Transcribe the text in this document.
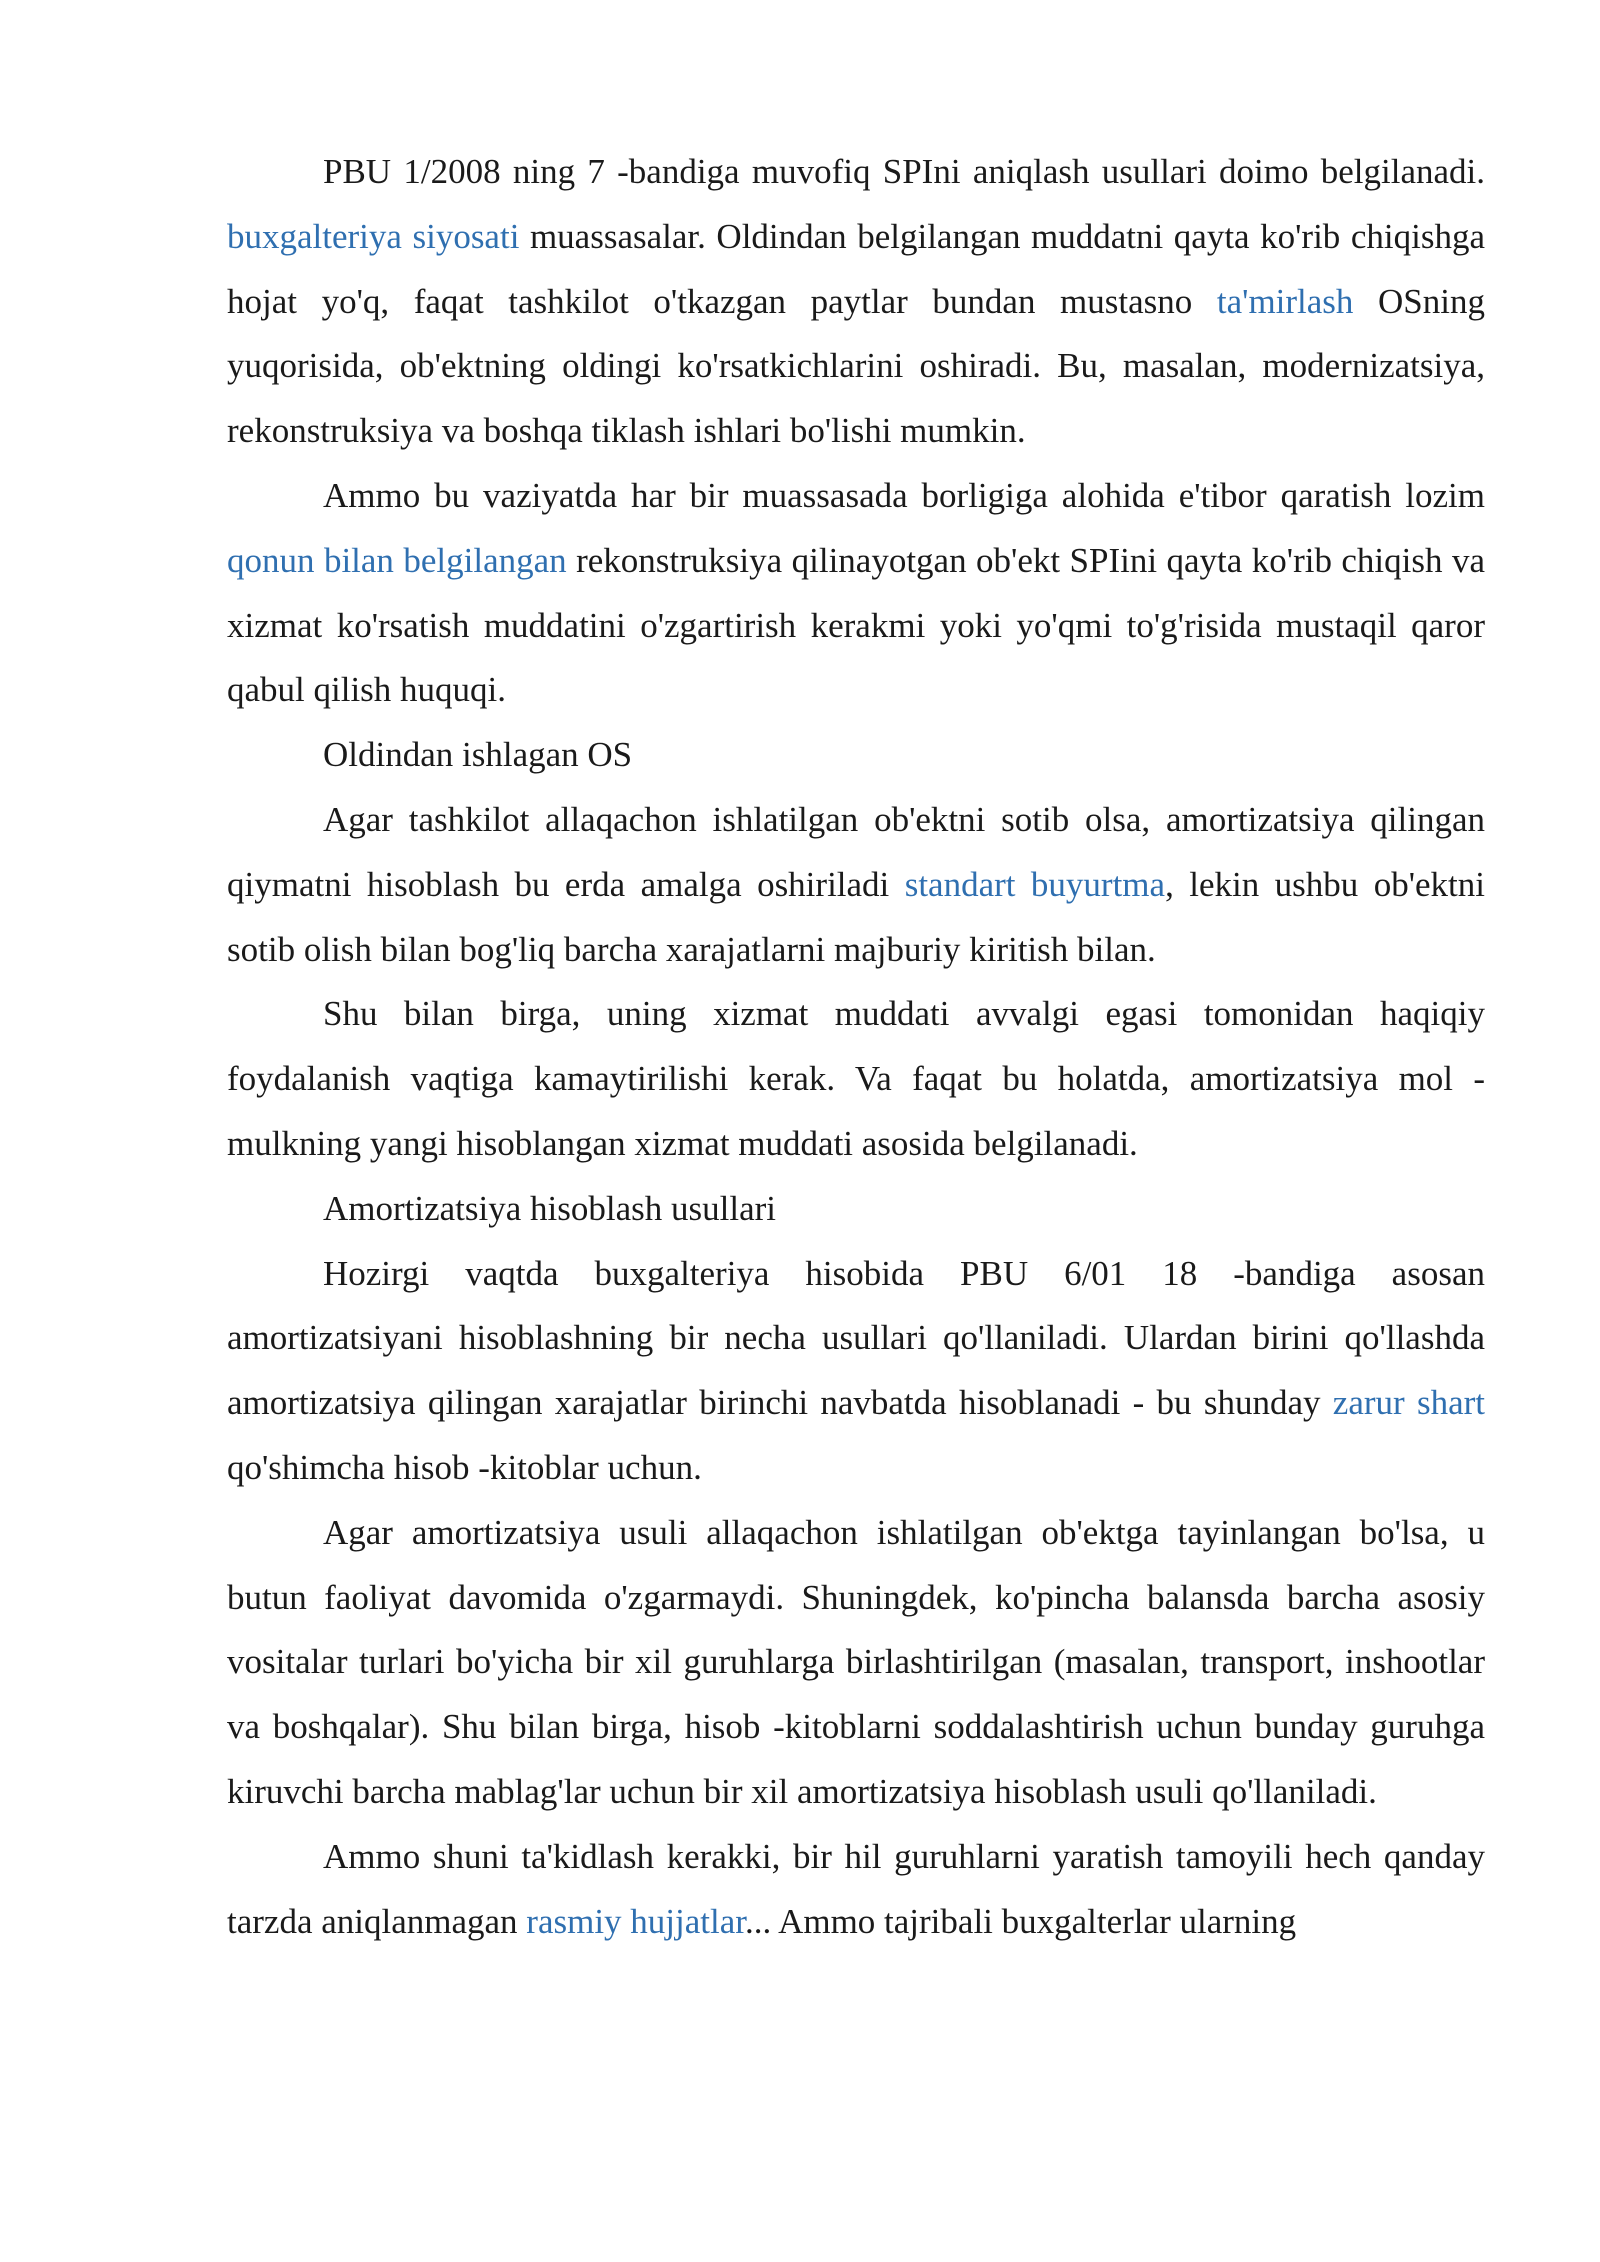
PBU 1/2008 ning 7 -bandiga muvofiq SPIni aniqlash usullari doimo belgilanadi. buxgalteriya siyosati muassasalar. Oldindan belgilangan muddatni qayta ko'rib chiqishga hojat yo'q, faqat tashkilot o'tkazgan paytlar bundan mustasno ta'mirlash OSning yuqorisida, ob'ektning oldingi ko'rsatkichlarini oshiradi. Bu, masalan, modernizatsiya, rekonstruksiya va boshqa tiklash ishlari bo'lishi mumkin.

Ammo bu vaziyatda har bir muassasada borligiga alohida e'tibor qaratish lozim qonun bilan belgilangan rekonstruksiya qilinayotgan ob'ekt SPIini qayta ko'rib chiqish va xizmat ko'rsatish muddatini o'zgartirish kerakmi yoki yo'qmi to'g'risida mustaqil qaror qabul qilish huquqi.

Oldindan ishlagan OS

Agar tashkilot allaqachon ishlatilgan ob'ektni sotib olsa, amortizatsiya qilingan qiymatni hisoblash bu erda amalga oshiriladi standart buyurtma, lekin ushbu ob'ektni sotib olish bilan bog'liq barcha xarajatlarni majburiy kiritish bilan.

Shu bilan birga, uning xizmat muddati avvalgi egasi tomonidan haqiqiy foydalanish vaqtiga kamaytirilishi kerak. Va faqat bu holatda, amortizatsiya mol -mulkning yangi hisoblangan xizmat muddati asosida belgilanadi.

Amortizatsiya hisoblash usullari

Hozirgi vaqtda buxgalteriya hisobida PBU 6/01 18 -bandiga asosan amortizatsiyani hisoblashning bir necha usullari qo'llaniladi. Ulardan birini qo'llashda amortizatsiya qilingan xarajatlar birinchi navbatda hisoblanadi - bu shunday zarur shart qo'shimcha hisob -kitoblar uchun.

Agar amortizatsiya usuli allaqachon ishlatilgan ob'ektga tayinlangan bo'lsa, u butun faoliyat davomida o'zgarmaydi. Shuningdek, ko'pincha balansda barcha asosiy vositalar turlari bo'yicha bir xil guruhlarga birlashtirilgan (masalan, transport, inshootlar va boshqalar). Shu bilan birga, hisob -kitoblarni soddalashtirish uchun bunday guruhga kiruvchi barcha mablag'lar uchun bir xil amortizatsiya hisoblash usuli qo'llaniladi.

Ammo shuni ta'kidlash kerakki, bir hil guruhlarni yaratish tamoyili hech qanday tarzda aniqlanmagan rasmiy hujjatlar... Ammo tajribali buxgalterlar ularning
